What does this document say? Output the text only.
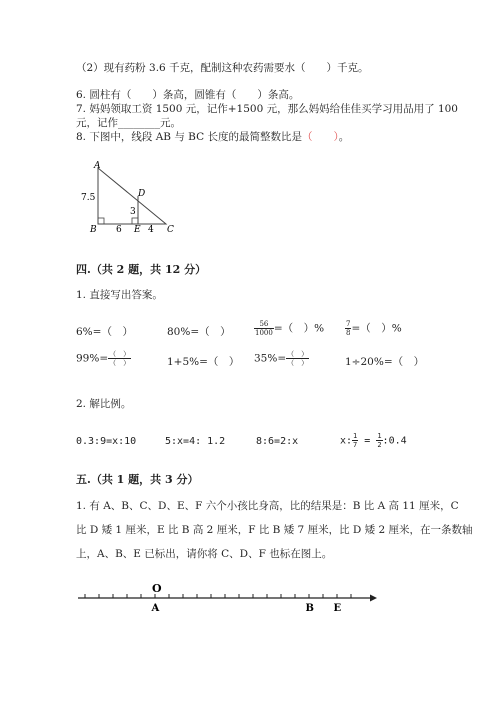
（2）现有药粉 3.6 千克，配制这种农药需要水（　　）千克。
6. 圆柱有（　　）条高，圆锥有（　　）条高。
7. 妈妈领取工资 1500 元，记作+1500 元，那么妈妈给佳佳买学习用品用了 100
元，记作________元。
8. 下图中，线段 AB 与 BC 长度的最简整数比是（　　）。
A
B	C
D
E
7.5
3
6	4
四.（共 2 题，共 12 分）
1. 直接写出答案。
6%=（　）	80%=（　）	$\frac{56}{1000}$ =（　）%	$\frac{7}{8}$ =（　）%
$99\%= \frac{( )}{( )}$	1+5%=（　） $35\%= \frac{( )}{( )}$	1÷20%=（　）
2. 解比例。
0.3:9=x:10	5:x=4: 1.2	8:6=2:x	x: $\frac{1}{7} = \frac{1}{2}$ :0.4
五.（共 1 题，共 3 分）
1. 有 A、B、C、D、E、F 六个小孩比身高，比的结果是：B 比 A 高 11 厘米，C
比 D 矮 1 厘米，E 比 B 高 2 厘米，F 比 B 矮 7 厘米，比 D 矮 2 厘米，在一条数轴
上，A、B、E 已标出，请你将 C、D、F 也标在图上。
O
A	B E
